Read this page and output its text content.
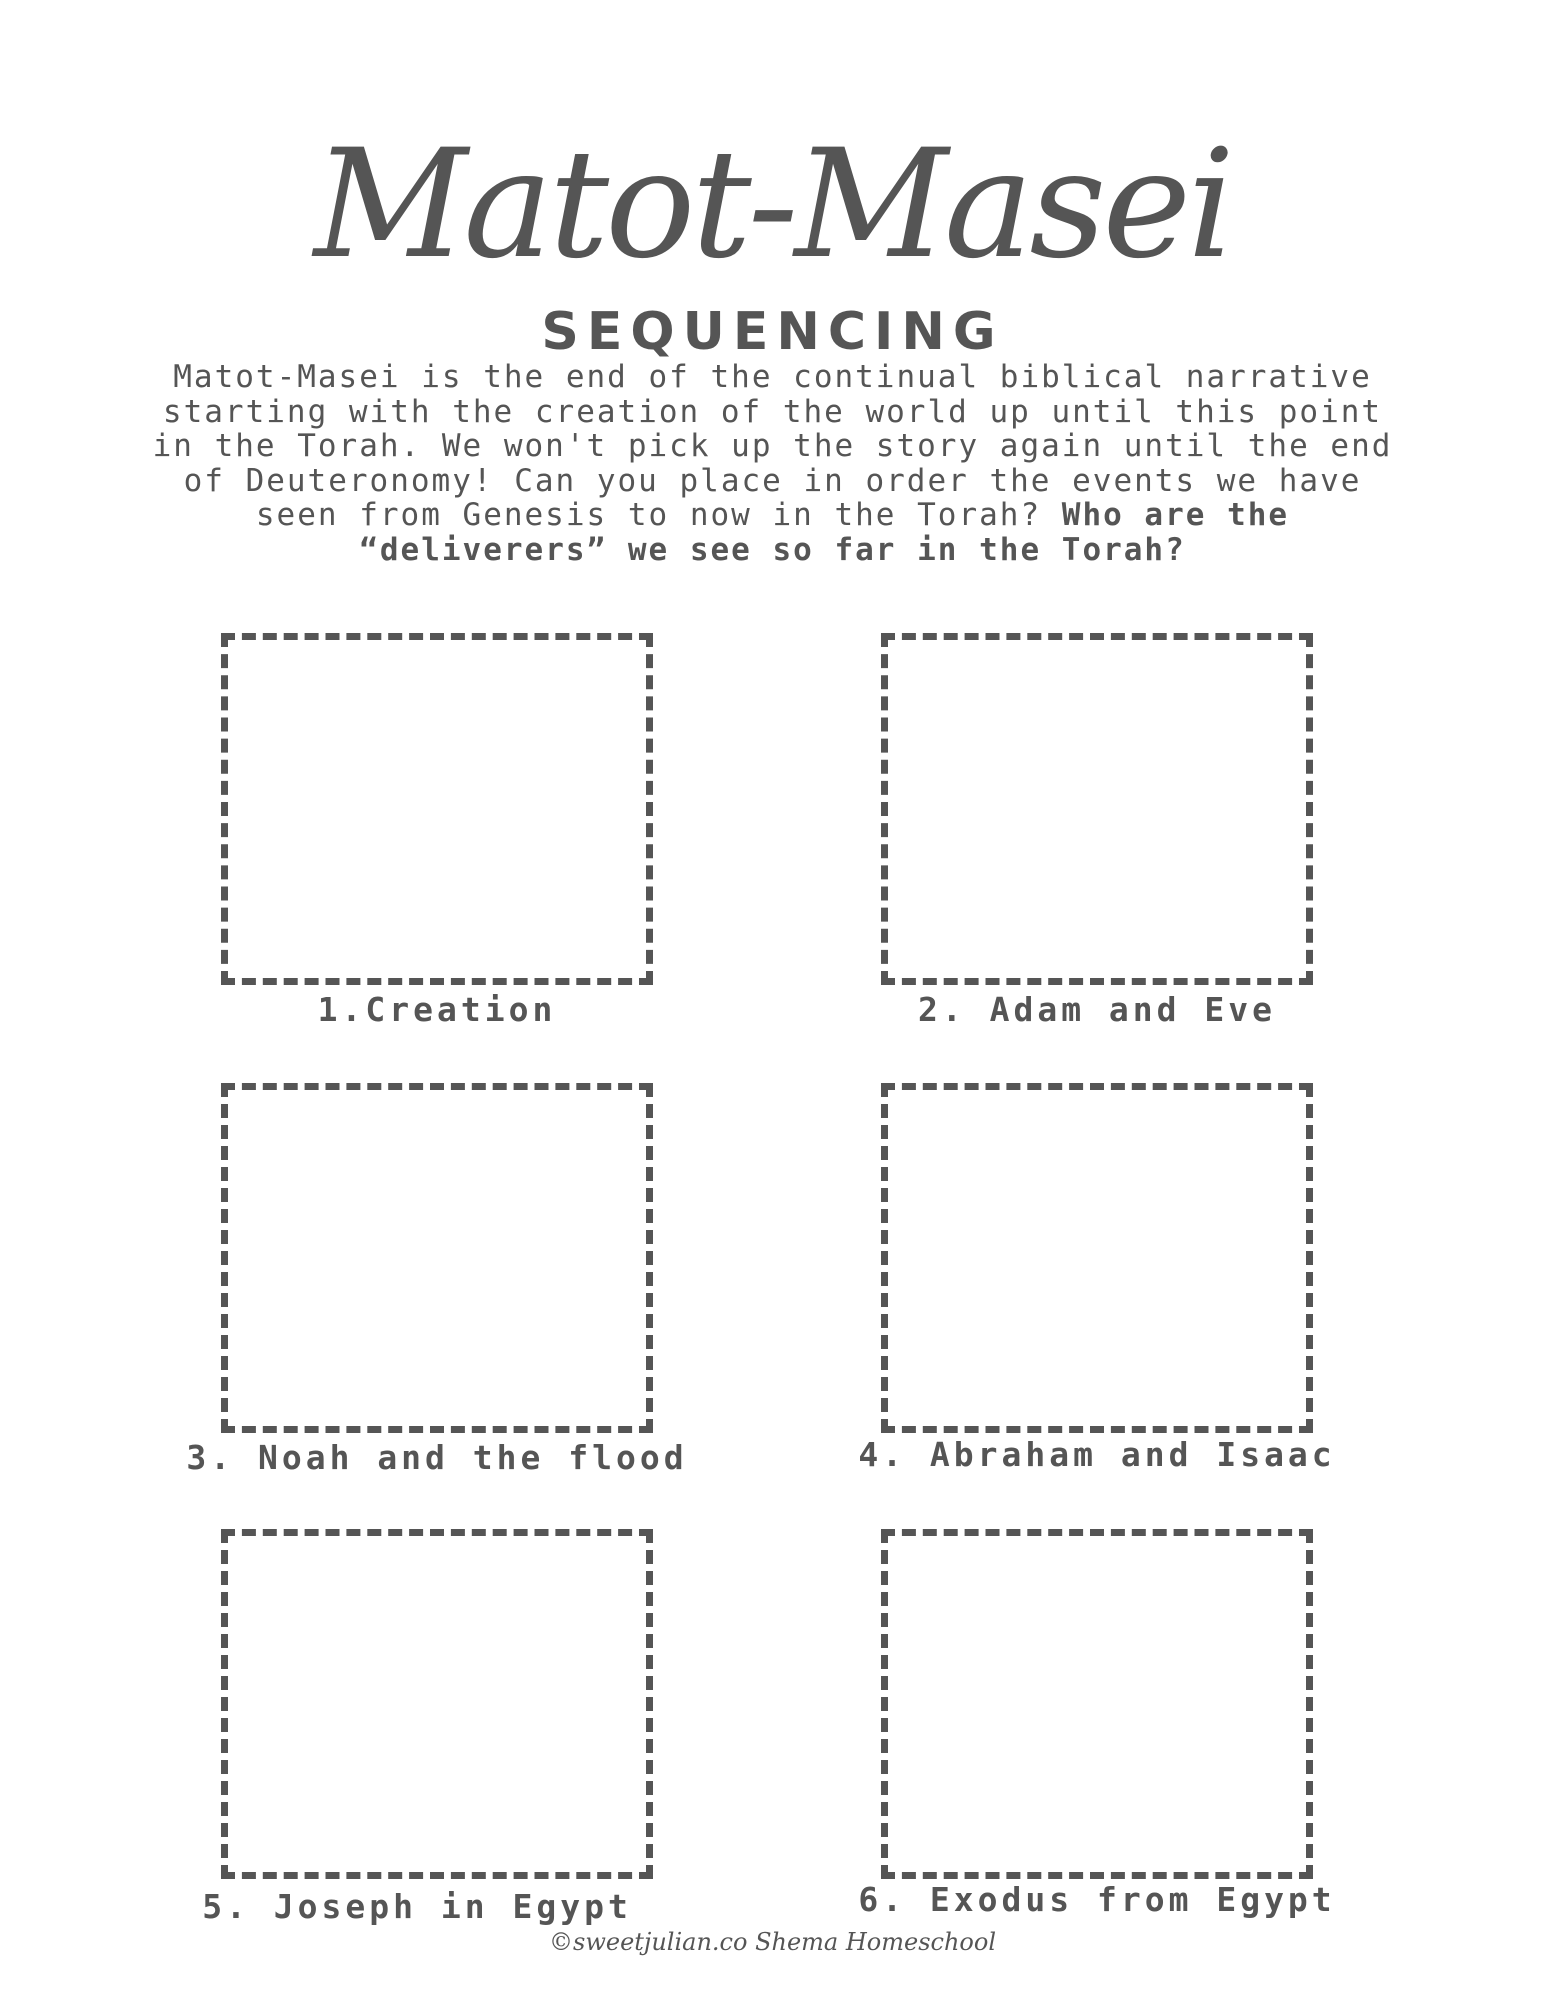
Matot-Masei
SEQUENCING
Matot-Masei is the end of the continual biblical narrative starting with the creation of the world up until this point in the Torah. We won't pick up the story again until the end of Deuteronomy! Can you place in order the events we have seen from Genesis to now in the Torah? Who are the “deliverers” we see so far in the Torah?
1.Creation	2. Adam and Eve
3. Noah and the flood	4. Abraham and Isaac
5. Joseph in Egypt	6. Exodus from Egypt
©sweetjulian.co Shema Homeschool
